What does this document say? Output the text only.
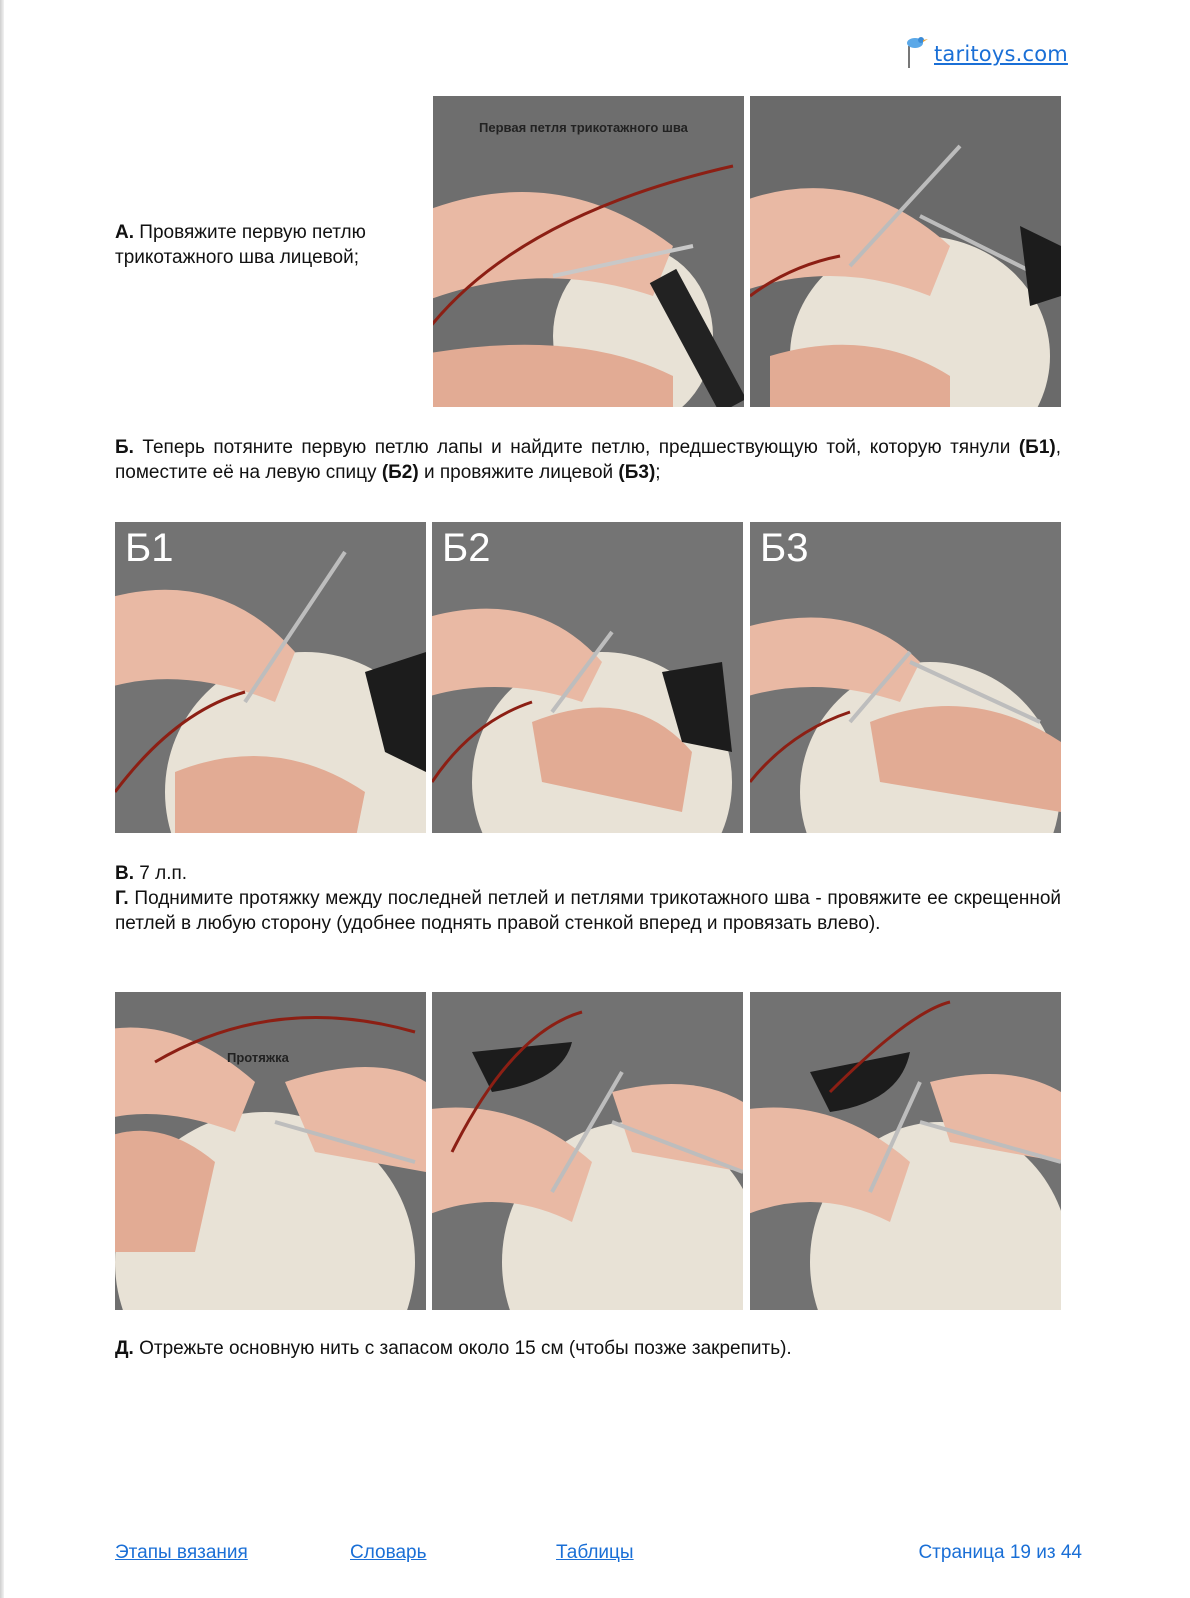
taritoys.com
А. Провяжите первую петлю
трикотажного шва лицевой;
Первая петля трикотажного шва
Б. Теперь потяните первую петлю лапы и найдите петлю, предшествующую той, которую тянули (Б1), поместите её на левую спицу (Б2) и провяжите лицевой (Б3);
Б1	Б2	Б3
В. 7 л.п.
Г. Поднимите протяжку между последней петлей и петлями трикотажного шва - провяжите ее скрещенной петлей в любую сторону (удобнее поднять правой стенкой вперед и провязать влево).
Протяжка
Д. Отрежьте основную нить с запасом около 15 см (чтобы позже закрепить).
Этапы вязания	Словарь	Таблицы	Страница 19 из 44
